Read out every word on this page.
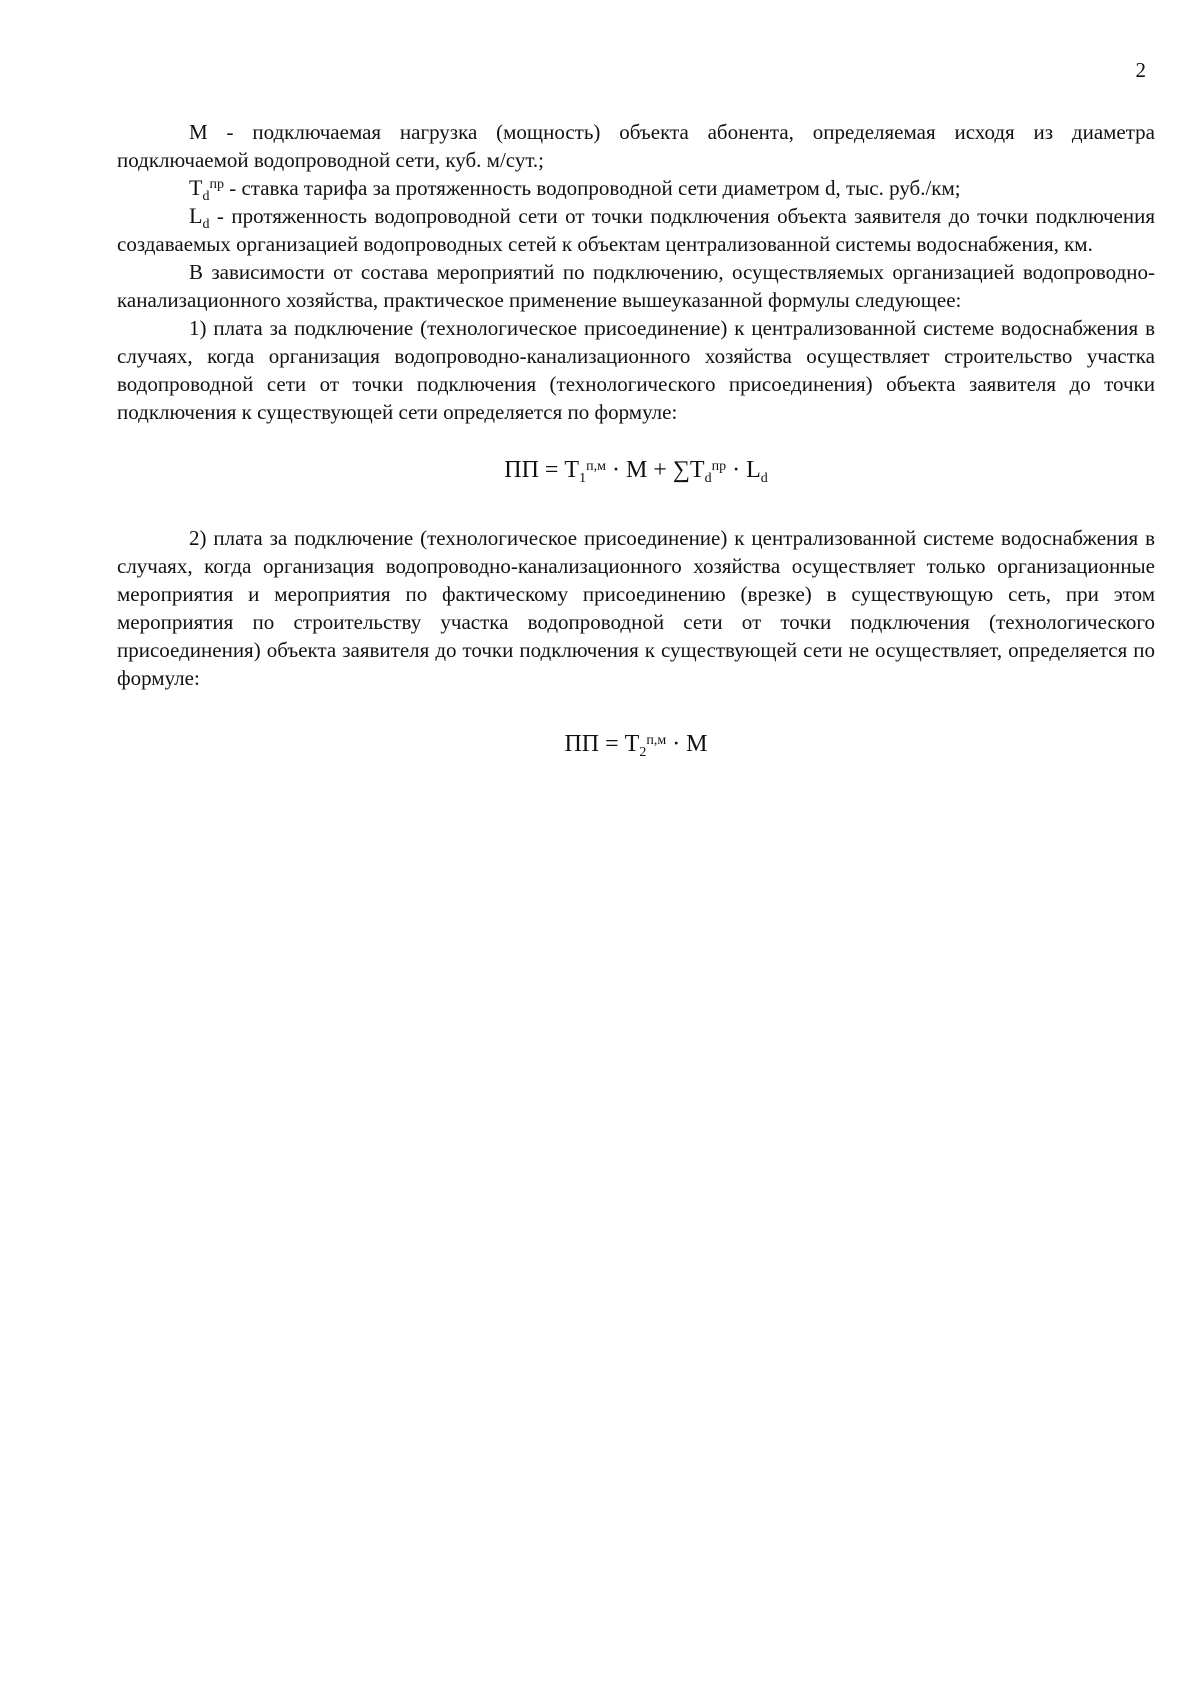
2

М - подключаемая нагрузка (мощность) объекта абонента, определяемая исходя из диаметра подключаемой водопроводной сети, куб. м/сут.;

$T_d^{пр}$ - ставка тарифа за протяженность водопроводной сети диаметром d, тыс. руб./км;

$L_d$ - протяженность водопроводной сети от точки подключения объекта заявителя до точки подключения создаваемых организацией водопроводных сетей к объектам централизованной системы водоснабжения, км.

В зависимости от состава мероприятий по подключению, осуществляемых организацией водопроводно-канализационного хозяйства, практическое применение вышеуказанной формулы следующее:

1) плата за подключение (технологическое присоединение) к централизованной системе водоснабжения в случаях, когда организация водопроводно-канализационного хозяйства осуществляет строительство участка водопроводной сети от точки подключения (технологического присоединения) объекта заявителя до точки подключения к существующей сети определяется по формуле:

ПП = $Т_1^{п,м} \cdot М + \sum T_d^{пр} \cdot L_d$

2) плата за подключение (технологическое присоединение) к централизованной системе водоснабжения в случаях, когда организация водопроводно-канализационного хозяйства осуществляет только организационные мероприятия и мероприятия по фактическому присоединению (врезке) в существующую сеть, при этом мероприятия по строительству участка водопроводной сети от точки подключения (технологического присоединения) объекта заявителя до точки подключения к существующей сети не осуществляет, определяется по формуле:

ПП = $Т_2^{п,м} \cdot М$
